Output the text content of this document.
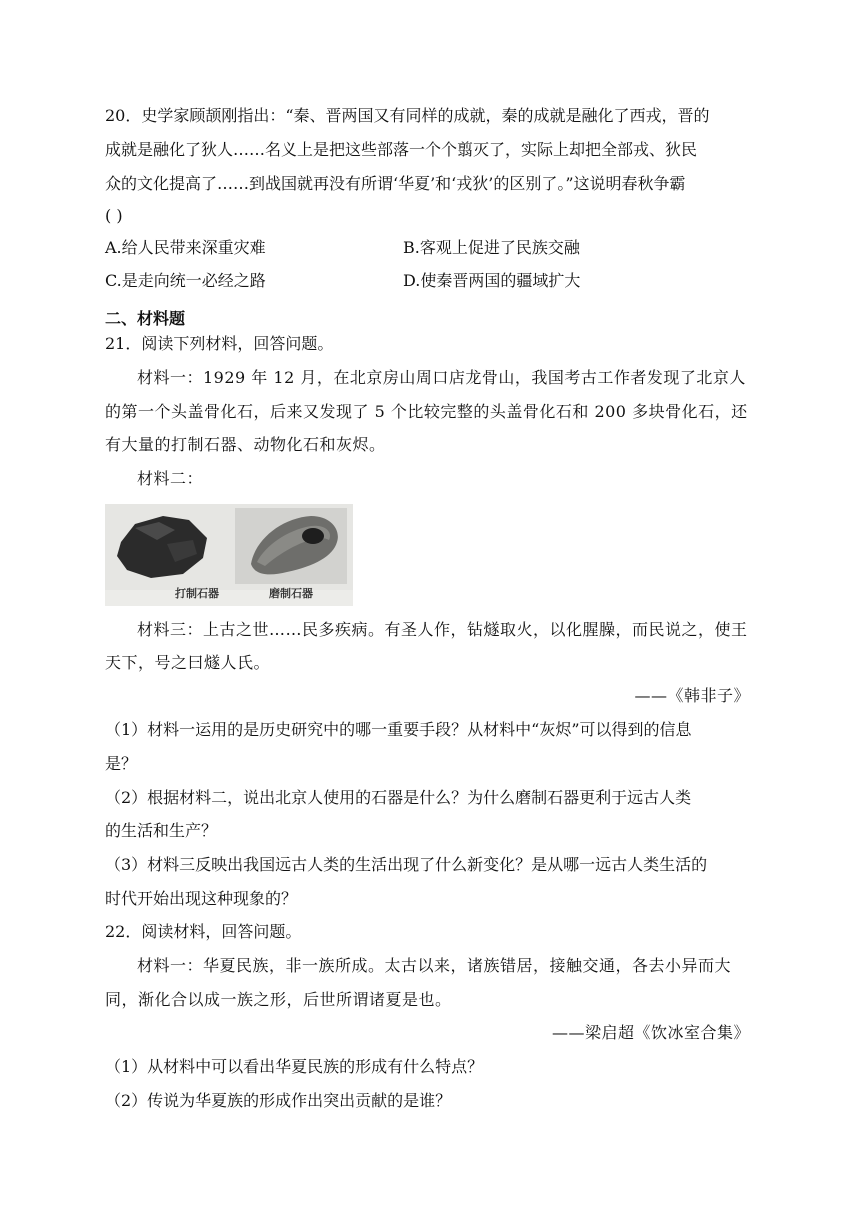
20．史学家顾颉刚指出：“秦、晋两国又有同样的成就，秦的成就是融化了西戎，晋的
成就是融化了狄人……名义上是把这些部落一个个翦灭了，实际上却把全部戎、狄民
众的文化提高了……到战国就再没有所谓‘华夏’和‘戎狄’的区别了。”这说明春秋争霸
( )
A.给人民带来深重灾难	B.客观上促进了民族交融
C.是走向统一必经之路	D.使秦晋两国的疆域扩大
二、材料题
21．阅读下列材料，回答问题。
材料一：1929 年 12 月，在北京房山周口店龙骨山，我国考古工作者发现了北京人
的第一个头盖骨化石，后来又发现了 5 个比较完整的头盖骨化石和 200 多块骨化石，还
有大量的打制石器、动物化石和灰烬。
材料二：
打制石器	磨制石器
材料三：上古之世……民多疾病。有圣人作，钻燧取火，以化腥臊，而民说之，使王
天下，号之曰燧人氏。
——《韩非子》
（1）材料一运用的是历史研究中的哪一重要手段？从材料中“灰烬”可以得到的信息
是？
（2）根据材料二，说出北京人使用的石器是什么？为什么磨制石器更利于远古人类
的生活和生产？
（3）材料三反映出我国远古人类的生活出现了什么新变化？是从哪一远古人类生活的
时代开始出现这种现象的？
22．阅读材料，回答问题。
材料一：华夏民族，非一族所成。太古以来，诸族错居，接触交通，各去小异而大
同，渐化合以成一族之形，后世所谓诸夏是也。
——梁启超《饮冰室合集》
（1）从材料中可以看出华夏民族的形成有什么特点？
（2）传说为华夏族的形成作出突出贡献的是谁？
